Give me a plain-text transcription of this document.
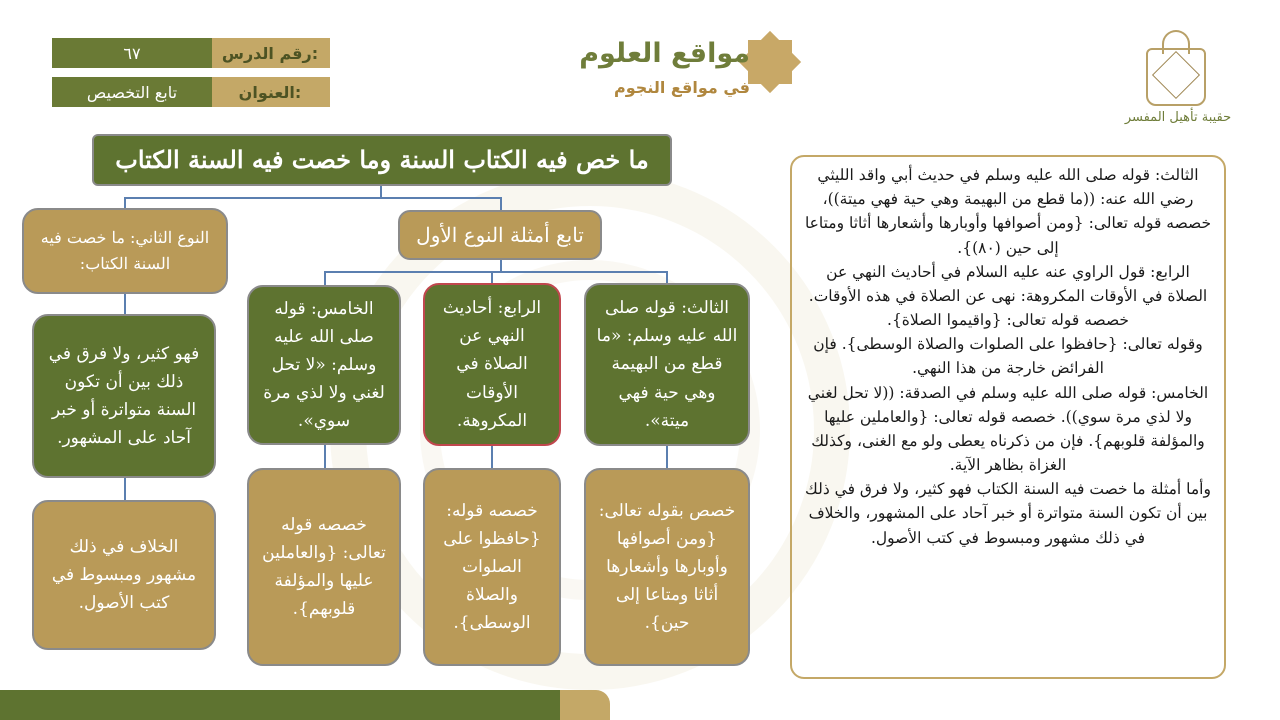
حقيبة تأهيل المفسر
مواقع العلوم
في مواقع النجوم
رقم الدرس:
٦٧
العنوان:
تابع التخصيص
ما خص فيه الكتاب السنة وما خصت فيه السنة الكتاب
تابع أمثلة النوع الأول
النوع الثاني: ما خصت فيه السنة الكتاب:
الثالث: قوله صلى الله عليه وسلم: «ما قطع من البهيمة وهي حية فهي ميتة».
الرابع: أحاديث النهي عن الصلاة في الأوقات المكروهة.
الخامس: قوله صلى الله عليه وسلم: «لا تحل لغني ولا لذي مرة سوي».
فهو كثير، ولا فرق في ذلك بين أن تكون السنة متواترة أو خبر آحاد على المشهور.
خصص بقوله تعالى: {ومن أصوافها وأوبارها وأشعارها أثاثا ومتاعا إلى حين}.
خصصه قوله: {حافظوا على الصلوات والصلاة الوسطى}.
خصصه قوله تعالى: {والعاملين عليها والمؤلفة قلوبهم}.
الخلاف في ذلك مشهور ومبسوط في كتب الأصول.

الثالث: قوله صلى الله عليه وسلم في حديث أبي واقد الليثي رضي الله عنه: ((ما قطع من البهيمة وهي حية فهي ميتة))، خصصه قوله تعالى: {ومن أصوافها وأوبارها وأشعارها أثاثا ومتاعا إلى حين (٨٠)}.

الرابع: قول الراوي عنه عليه السلام في أحاديث النهي عن الصلاة في الأوقات المكروهة: نهى عن الصلاة في هذه الأوقات.

خصصه قوله تعالى: {واقيموا الصلاة}.

وقوله تعالى: {حافظوا على الصلوات والصلاة الوسطى}. فإن الفرائض خارجة من هذا النهي.

الخامس: قوله صلى الله عليه وسلم في الصدقة: ((لا تحل لغني ولا لذي مرة سوي)). خصصه قوله تعالى: {والعاملين عليها والمؤلفة قلوبهم}. فإن من ذكرناه يعطى ولو مع الغنى، وكذلك الغزاة بظاهر الآية.

وأما أمثلة ما خصت فيه السنة الكتاب فهو كثير، ولا فرق في ذلك بين أن تكون السنة متواترة أو خبر آحاد على المشهور، والخلاف في ذلك مشهور ومبسوط في كتب الأصول.
